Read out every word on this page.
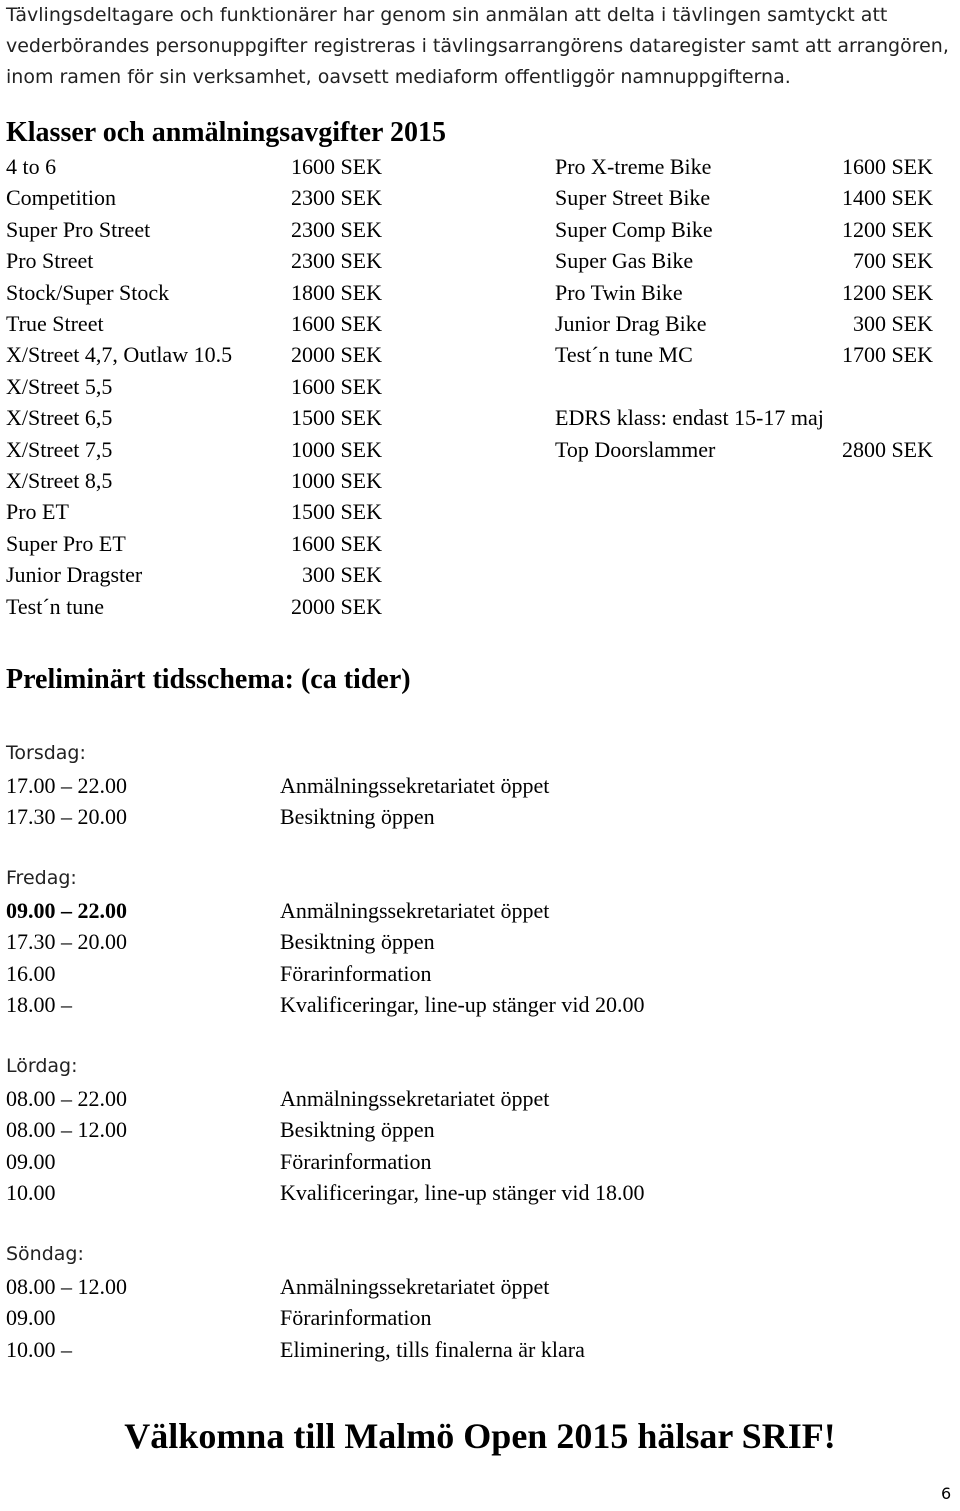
Tävlingsdeltagare och funktionärer har genom sin anmälan att delta i tävlingen samtyckt att vederbörandes personuppgifter registreras i tävlingsarrangörens dataregister samt att arrangören, inom ramen för sin verksamhet, oavsett mediaform offentliggör namnuppgifterna.

Klasser och anmälningsavgifter 2015
4 to 6	1600 SEK
Competition	2300 SEK
Super Pro Street	2300 SEK
Pro Street	2300 SEK
Stock/Super Stock	1800 SEK
True Street	1600 SEK
X/Street 4,7, Outlaw 10.5	2000 SEK
X/Street 5,5	1600 SEK
X/Street 6,5	1500 SEK
X/Street 7,5	1000 SEK
X/Street 8,5	1000 SEK
Pro ET	1500 SEK
Super Pro ET	1600 SEK
Junior Dragster	300 SEK
Test´n tune	2000 SEK
Pro X-treme Bike	1600 SEK
Super Street Bike	1400 SEK
Super Comp Bike	1200 SEK
Super Gas Bike	700 SEK
Pro Twin Bike	1200 SEK
Junior Drag Bike	300 SEK
Test´n tune MC	1700 SEK
EDRS klass: endast 15-17 maj
Top Doorslammer	2800 SEK
Preliminärt tidsschema: (ca tider)
Torsdag:
17.00 – 22.00	Anmälningssekretariatet öppet
17.30 – 20.00	Besiktning öppen
Fredag:
09.00 – 22.00	Anmälningssekretariatet öppet
17.30 – 20.00	Besiktning öppen
16.00	Förarinformation
18.00 –	Kvalificeringar, line-up stänger vid 20.00
Lördag:
08.00 – 22.00	Anmälningssekretariatet öppet
08.00 – 12.00	Besiktning öppen
09.00	Förarinformation
10.00	Kvalificeringar, line-up stänger vid 18.00
Söndag:
08.00 – 12.00	Anmälningssekretariatet öppet
09.00	Förarinformation
10.00 –	Eliminering, tills finalerna är klara
Välkomna till Malmö Open 2015 hälsar SRIF!
6
